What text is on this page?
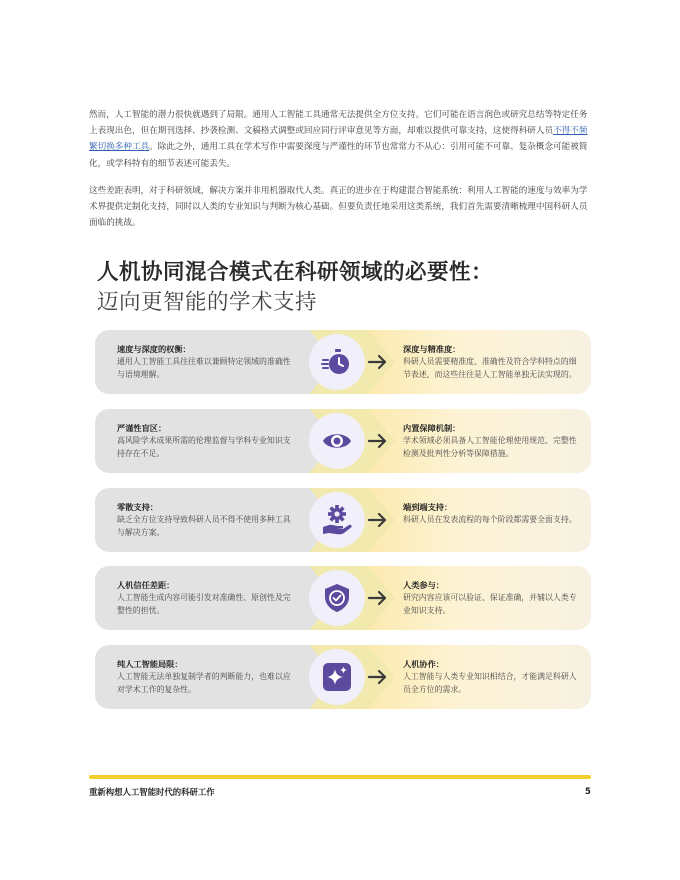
然而，人工智能的潜力很快就遇到了局限。通用人工智能工具通常无法提供全方位支持。它们可能在语言润色或研究总结等特定任务上表现出色，但在期刊选择、抄袭检测、文稿格式调整或回应同行评审意见等方面，却难以提供可靠支持，这使得科研人员不得不频繁切换多种工具。除此之外，通用工具在学术写作中需要深度与严谨性的环节也常常力不从心：引用可能不可靠、复杂概念可能被简化，或学科特有的细节表述可能丢失。

这些差距表明，对于科研领域，解决方案并非用机器取代人类。真正的进步在于构建混合智能系统：利用人工智能的速度与效率为学术界提供定制化支持，同时以人类的专业知识与判断为核心基础。但要负责任地采用这类系统，我们首先需要清晰梳理中国科研人员面临的挑战。

人机协同混合模式在科研领域的必要性：
迈向更智能的学术支持

速度与深度的权衡：

通用人工智能工具往往难以兼顾特定领域的准确性与语境理解。

深度与精准度：

科研人员需要精准度、准确性及符合学科特点的细节表述，而这些往往是人工智能单独无法实现的。

严谨性盲区：

高风险学术成果所需的伦理监督与学科专业知识支持存在不足。

内置保障机制：

学术领域必须具备人工智能伦理使用规范、完整性检测及批判性分析等保障措施。

零散支持：

缺乏全方位支持导致科研人员不得不使用多种工具与解决方案。

端到端支持：

科研人员在发表流程的每个阶段都需要全面支持。

人机信任差距：

人工智能生成内容可能引发对准确性、原创性及完整性的担忧。

人类参与：

研究内容应该可以验证、保证准确，并辅以人类专业知识支持。

纯人工智能局限：

人工智能无法单独复制学者的判断能力，也难以应对学术工作的复杂性。

人机协作：

人工智能与人类专业知识相结合，才能满足科研人员全方位的需求。

重新构想人工智能时代的科研工作	5
